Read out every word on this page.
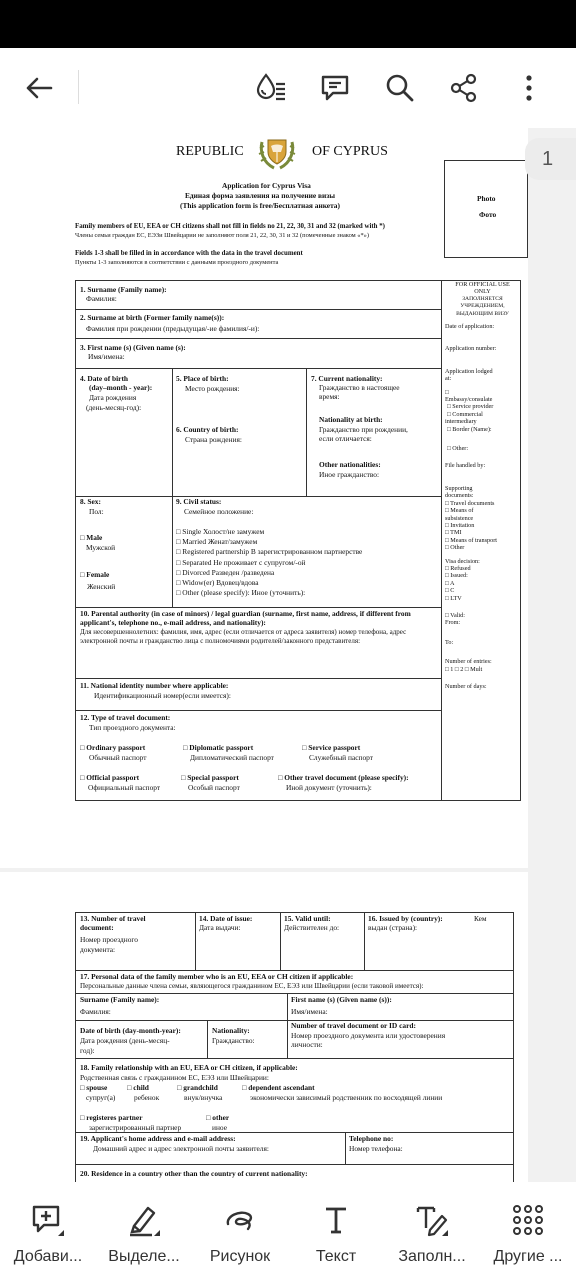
REPUBLIC	OF CYPRUS
Application for Cyprus Visa
Единая форма заявления на получение визы
(This application form is free/Бесплатная анкета)
Photo
Фото
Family members of EU, EEA or CH citizens shall not fill in fields no 21, 22, 30, 31 and 32 (marked with *)
Члены семьи граждан ЕС, ЕЭЗи Швейцарии не заполняют поля 21, 22, 30, 31 и 32 (помеченные знаком «*»)
Fields 1-3 shall be filled in in accordance with the data in the travel document
Пункты 1-3 заполняются в соответствии с данными проездного документа
1. Surname (Family name):
Фамилия:
2. Surname at birth (Former family name(s)):
Фамилия при рождении (предыдущая/-ие фамилия/-и):
3. First name (s) (Given name (s):
Имя/имена:
4. Date of birth
(day–month - year):
Дата рождения
(день-месяц-год):
5. Place of birth:
Место рождения:
6. Country of birth:
Страна рождения:
7. Current nationality:
Гражданство в настоящее
время:
Nationality at birth:
Гражданство при рождении,
если отличается:
Other nationalities:
Иное гражданство:
8. Sex:
Пол:
□ Male
Мужской
□ Female
Женский
9. Civil status:
Семейное положение:
□ Single Холост/не замужем
□ Married Женат/замужем
□ Registered partnership В зарегистрированном партнерстве
□ Separated Не проживает с супругом/-ой
□ Divorced Разведен /разведена
□ Widow(er) Вдовец/вдова
□ Other (please specify): Иное (уточнить):
10. Parental authority (in case of minors) / legal guardian (surname, first name, address, if different from applicant's, telephone no., e-mail address, and nationality):
Для несовершеннолетних: фамилия, имя, адрес (если отличается от адреса заявителя) номер телефона, адрес электронной почты и гражданство лица с полномочиями родителей/законного представителя:
11. National identity number where applicable:
Идентификационный номер(если имеется):
12. Type of travel document:
Тип проездного документа:
□ Ordinary passport
Обычный паспорт
□ Diplomatic passport
Дипломатический паспорт
□ Service passport
Служебный паспорт
□ Official passport
Официальный паспорт
□ Special passport
Особый паспорт
□ Other travel document (please specify):
Иной документ (уточнить):
FOR OFFICIAL USE
ONLY
ЗАПОЛНЯЕТСЯ
УЧРЕЖДЕНИЕМ,
ВЫДАЮЩИМ ВИЗУ
Date of application:
Application number:
Application lodged
at:
□
Embassy/consulate
□ Service provider
□ Commercial
intermediary
□ Border (Name):
□ Other:
File handled by:
Supporting
documents:
□ Travel documents
□ Means of
subsistence
□ Invitation
□ TMI
□ Means of transport
□ Other
Visa decision:
□ Refused
□ Issued:
□ A
□ C
□ LTV
□ Valid:
From:
To:
Number of entries:
□ 1 □ 2 □ Mult
Number of days:
1
13. Number of travel
document:
Номер проездного
документа:
14. Date of issue:
Дата выдачи:
15. Valid until:
Действителен до:
16. Issued by (country):	Кем
выдан (страна):
17. Personal data of the family member who is an EU, EEA or CH citizen if applicable:
Персональные данные члена семьи, являющегося гражданином ЕС, ЕЭЗ или Швейцарии (если таковой имеется):
Surname (Family name):
Фамилия:
First name (s) (Given name (s)):
Имя/имена:
Date of birth (day-month-year):
Дата рождения (день-месяц-
год):
Nationality:
Гражданство:
Number of travel document or ID card:
Номер проездного документа или удостоверения
личности:
18. Family relationship with an EU, EEA or CH citizen, if applicable:
Родственная связь с гражданином ЕС, ЕЭЗ или Швейцарии:
□ spouse
супруг(а)
□ child
ребенок
□ grandchild
внук/внучка
□ dependent ascendant
экономически зависимый родственник по восходящей линии
□ registeres partner
зарегистрированный партнер
□ other
иное
19. Applicant's home address and e-mail address:
Домашний адрес и адрес электронной почты заявителя:
Telephone no:
Номер телефона:
20. Residence in a country other than the country of current nationality:
Добави...	Выделе...	Рисунок	Текст	Заполн...	Другие ...
